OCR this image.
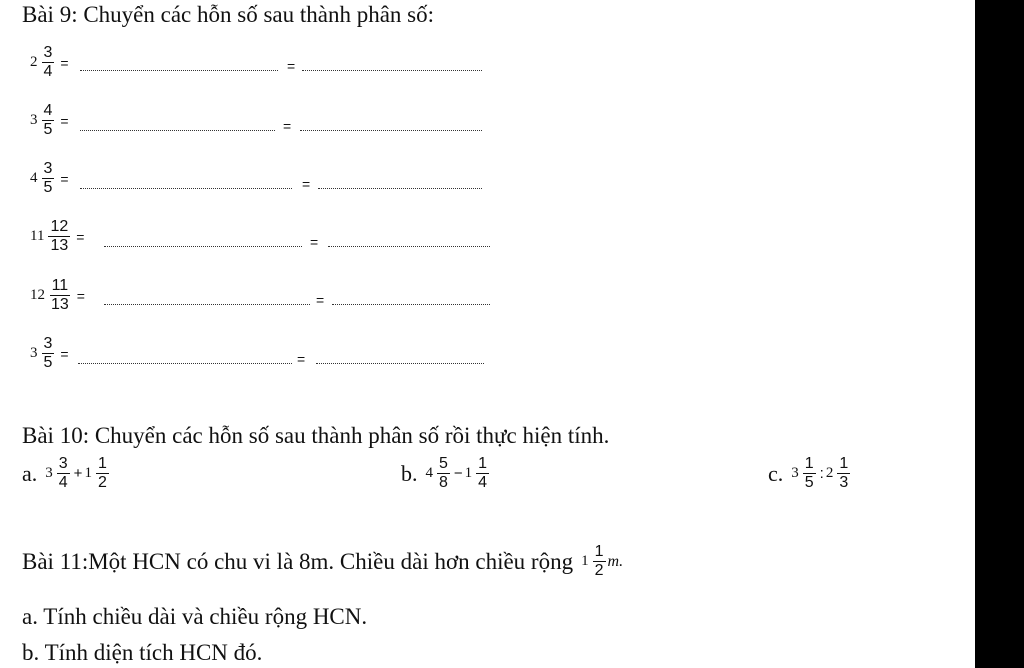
Bài 9: Chuyển các hỗn số sau thành phân số:
$2 \frac{3}{4}$ =	=
$3 \frac{4}{5}$ =	=
$4 \frac{3}{5}$ =	=
$11 \frac{12}{13}$ =	=
$12 \frac{11}{13}$ =	=
$3 \frac{3}{5}$ =	=
Bài 10: Chuyển các hỗn số sau thành phân số rồi thực hiện tính.
a. $3 \frac{3}{4} + 1 \frac{1}{2}$	b. $4 \frac{5}{8} - 1 \frac{1}{4}$	c. $3 \frac{1}{5}$ : $2 \frac{1}{3}$
Bài 11:Một HCN có chu vi là 8m. Chiều dài hơn chiều rộng $1 \frac{1}{2}$ m .
a. Tính chiều dài và chiều rộng HCN.
b. Tính diện tích HCN đó.
